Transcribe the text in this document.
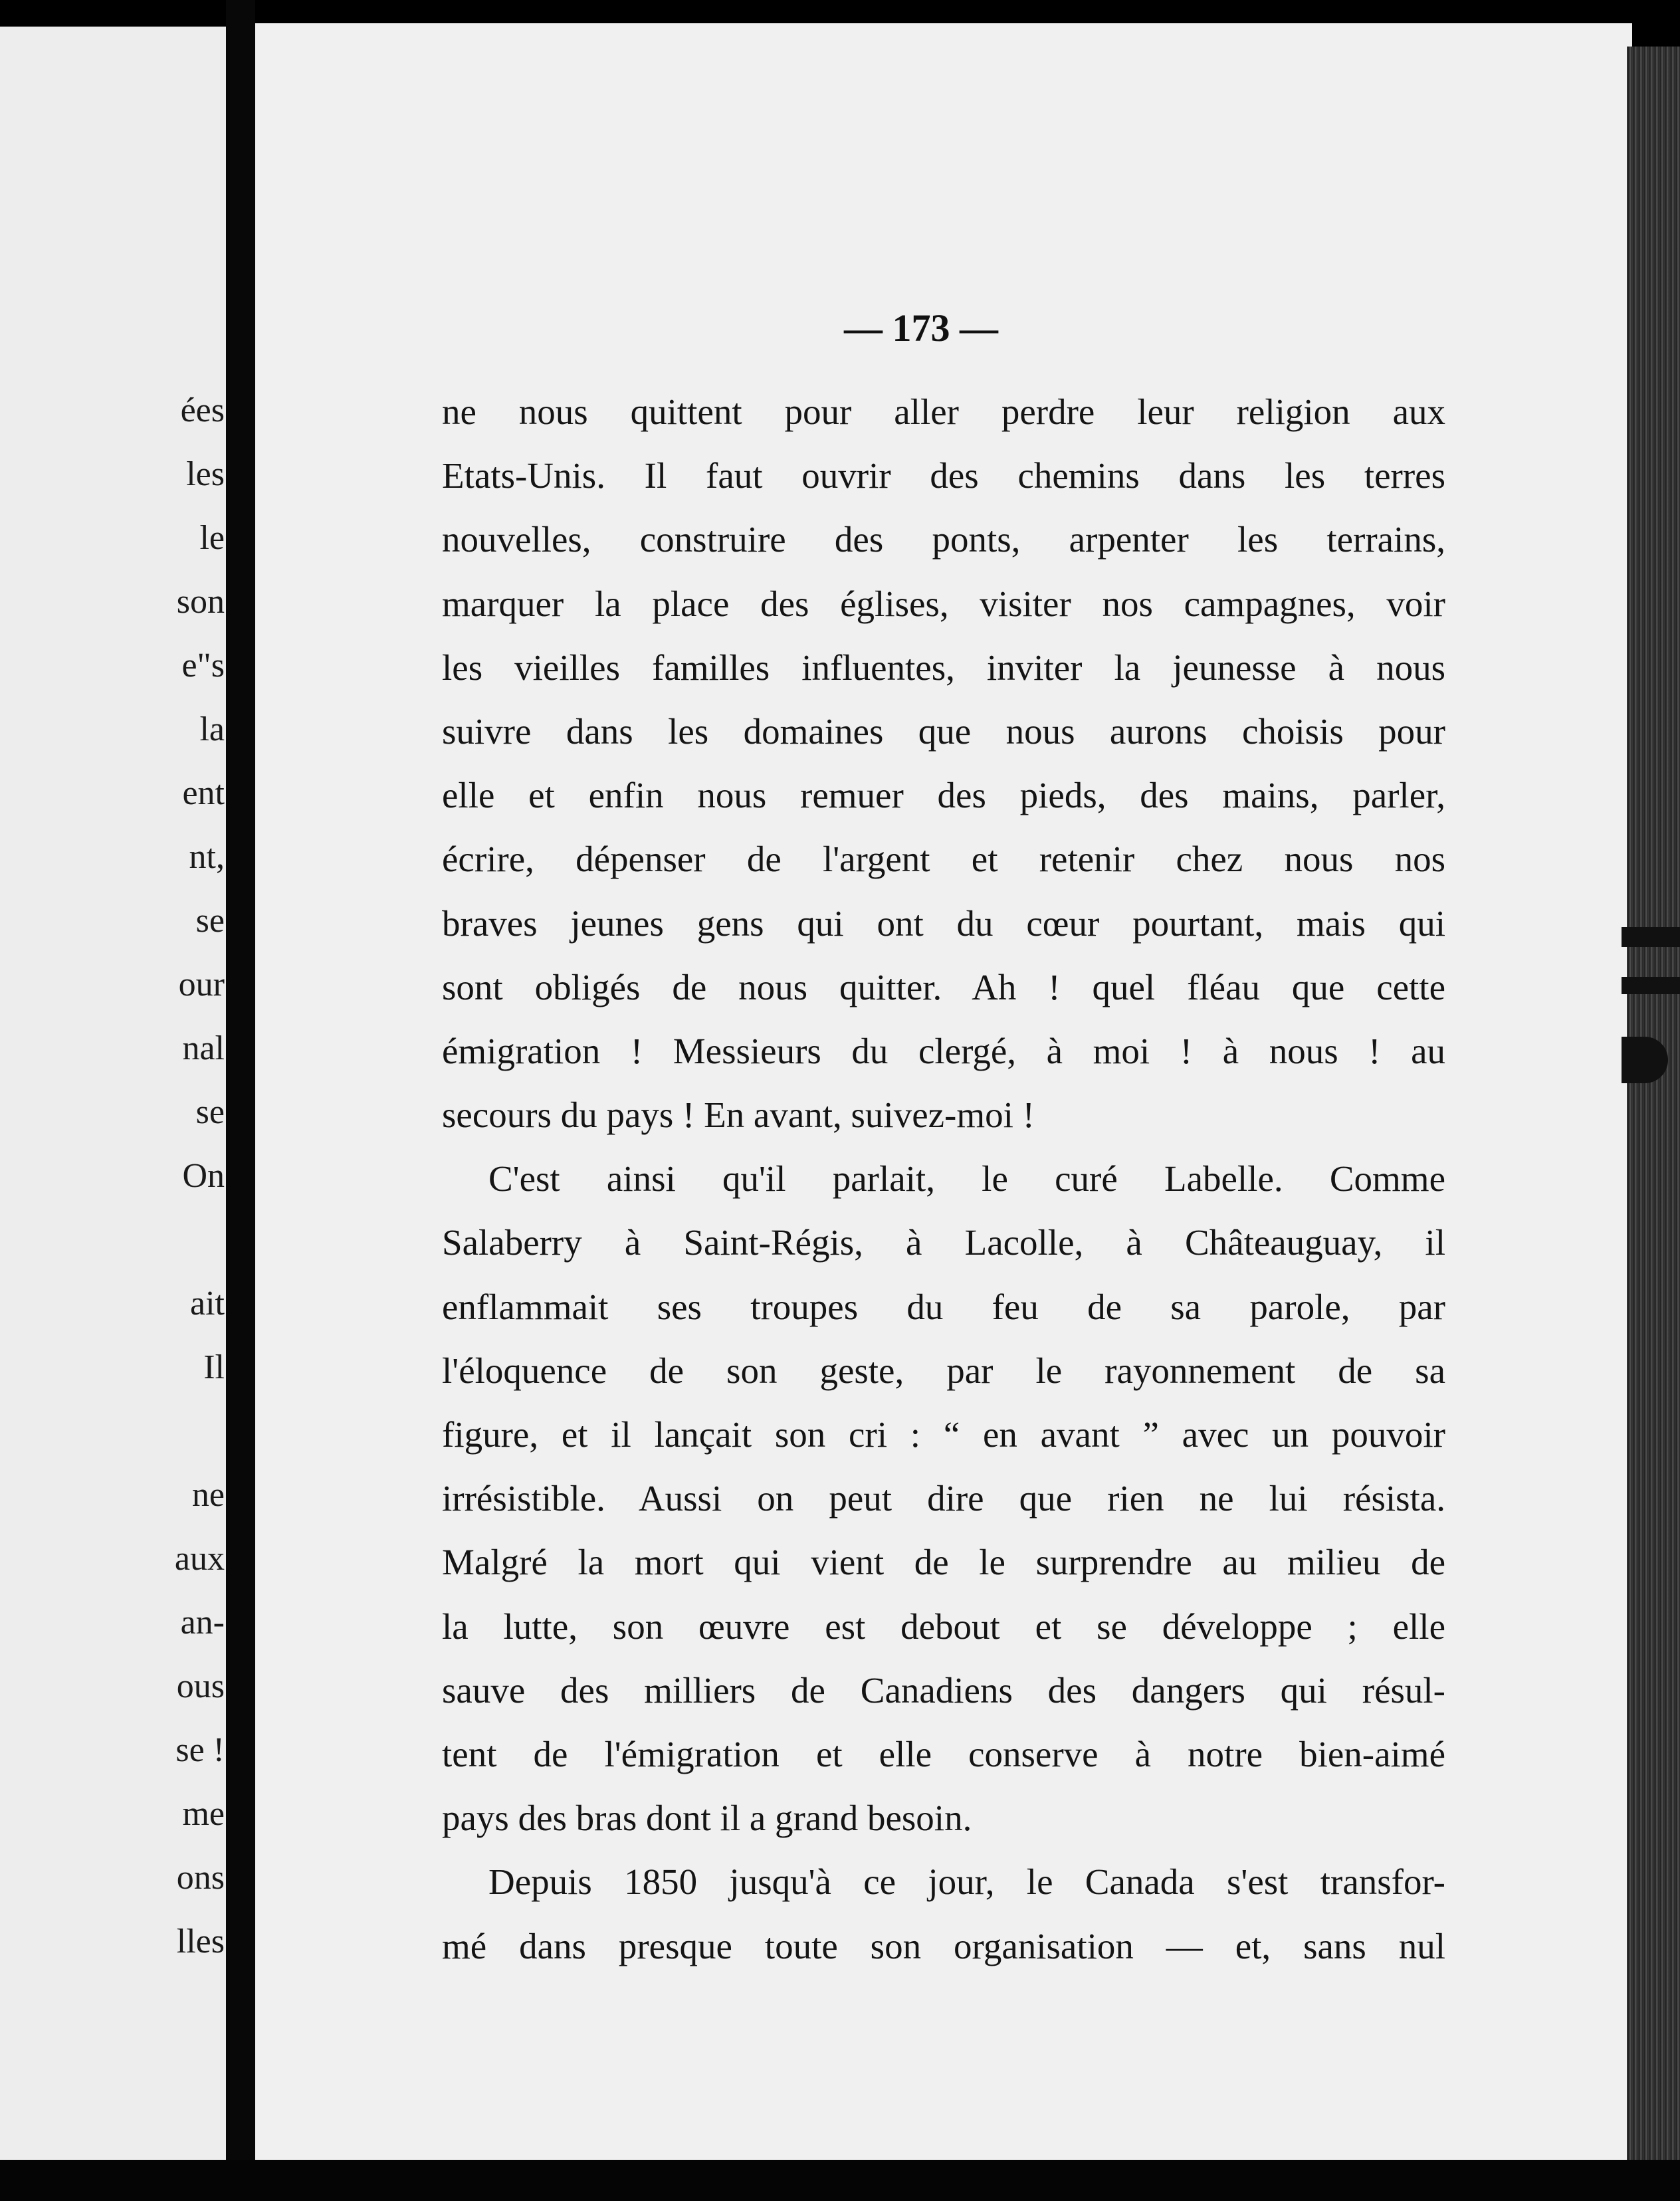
ées
les
le
son
e"s
la
ent
nt,
se
our
nal
se
On
ait
Il
ne
aux
an-
ous
se !
me
ons
lles
— 173 —
ne nous quittent pour aller perdre leur religion aux
Etats-Unis. Il faut ouvrir des chemins dans les terres
nouvelles, construire des ponts, arpenter les terrains,
marquer la place des églises, visiter nos campagnes, voir
les vieilles familles influentes, inviter la jeunesse à nous
suivre dans les domaines que nous aurons choisis pour
elle et enfin nous remuer des pieds, des mains, parler,
écrire, dépenser de l'argent et retenir chez nous nos
braves jeunes gens qui ont du cœur pourtant, mais qui
sont obligés de nous quitter. Ah ! quel fléau que cette
émigration ! Messieurs du clergé, à moi ! à nous ! au
secours du pays ! En avant, suivez-moi !
C'est ainsi qu'il parlait, le curé Labelle. Comme
Salaberry à Saint-Régis, à Lacolle, à Châteauguay, il
enflammait ses troupes du feu de sa parole, par
l'éloquence de son geste, par le rayonnement de sa
figure, et il lançait son cri : “ en avant ” avec un pouvoir
irrésistible. Aussi on peut dire que rien ne lui résista.
Malgré la mort qui vient de le surprendre au milieu de
la lutte, son œuvre est debout et se développe ; elle
sauve des milliers de Canadiens des dangers qui résul-
tent de l'émigration et elle conserve à notre bien-aimé
pays des bras dont il a grand besoin.
Depuis 1850 jusqu'à ce jour, le Canada s'est transfor-
mé dans presque toute son organisation — et, sans nul
